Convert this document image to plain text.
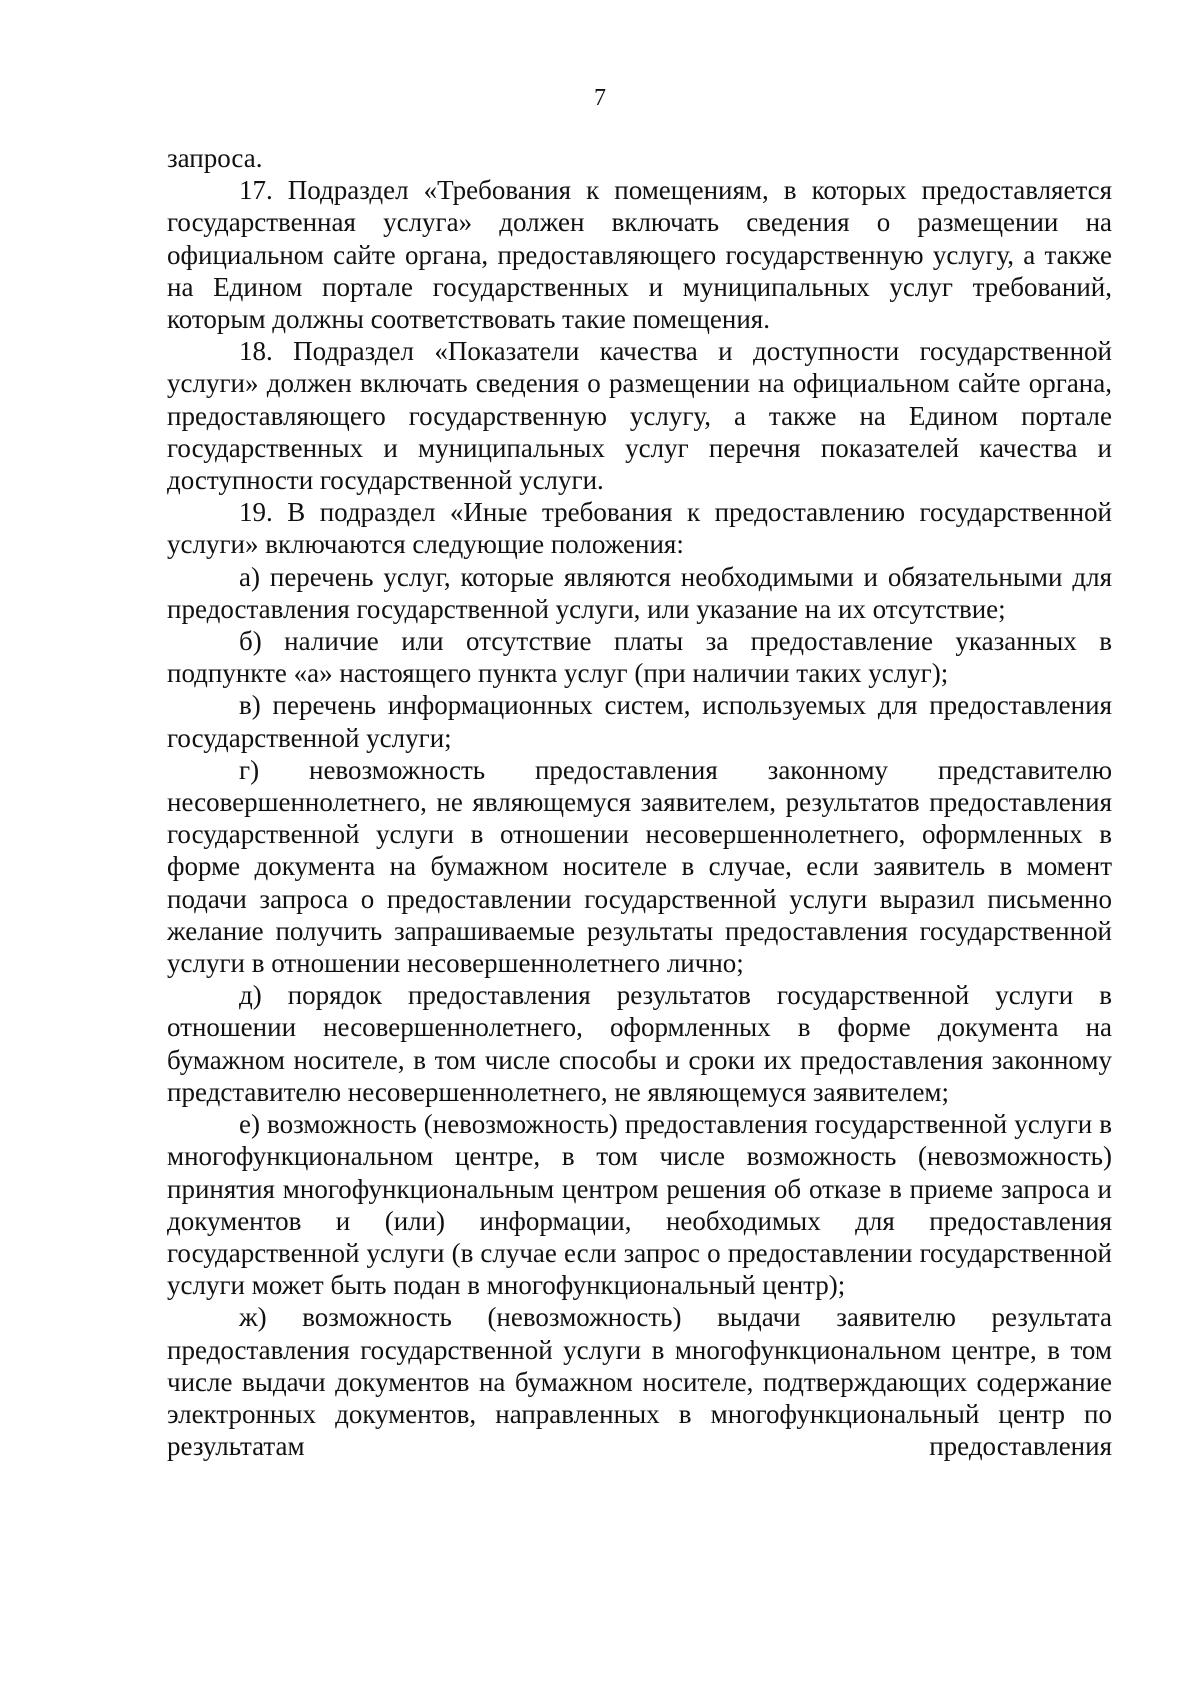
7

запроса.

17. Подраздел «Требования к помещениям, в которых предоставляется государственная услуга» должен включать сведения о размещении на официальном сайте органа, предоставляющего государственную услугу, а также на Едином портале государственных и муниципальных услуг требований, которым должны соответствовать такие помещения.

18. Подраздел «Показатели качества и доступности государственной услуги» должен включать сведения о размещении на официальном сайте органа, предоставляющего государственную услугу, а также на Едином портале государственных и муниципальных услуг перечня показателей качества и доступности государственной услуги.

19. В подраздел «Иные требования к предоставлению государственной услуги» включаются следующие положения:

а) перечень услуг, которые являются необходимыми и обязательными для предоставления государственной услуги, или указание на их отсутствие;

б) наличие или отсутствие платы за предоставление указанных в подпункте «а» настоящего пункта услуг (при наличии таких услуг);

в) перечень информационных систем, используемых для предоставления государственной услуги;

г) невозможность предоставления законному представителю несовершеннолетнего, не являющемуся заявителем, результатов предоставления государственной услуги в отношении несовершеннолетнего, оформленных в форме документа на бумажном носителе в случае, если заявитель в момент подачи запроса о предоставлении государственной услуги выразил письменно желание получить запрашиваемые результаты предоставления государственной услуги в отношении несовершеннолетнего лично;

д) порядок предоставления результатов государственной услуги в отношении несовершеннолетнего, оформленных в форме документа на бумажном носителе, в том числе способы и сроки их предоставления законному представителю несовершеннолетнего, не являющемуся заявителем;

е) возможность (невозможность) предоставления государственной услуги в многофункциональном центре, в том числе возможность (невозможность) принятия многофункциональным центром решения об отказе в приеме запроса и документов и (или) информации, необходимых для предоставления государственной услуги (в случае если запрос о предоставлении государственной услуги может быть подан в многофункциональный центр);

ж) возможность (невозможность) выдачи заявителю результата предоставления государственной услуги в многофункциональном центре, в том числе выдачи документов на бумажном носителе, подтверждающих содержание электронных документов, направленных в многофункциональный центр по результатам предоставления
